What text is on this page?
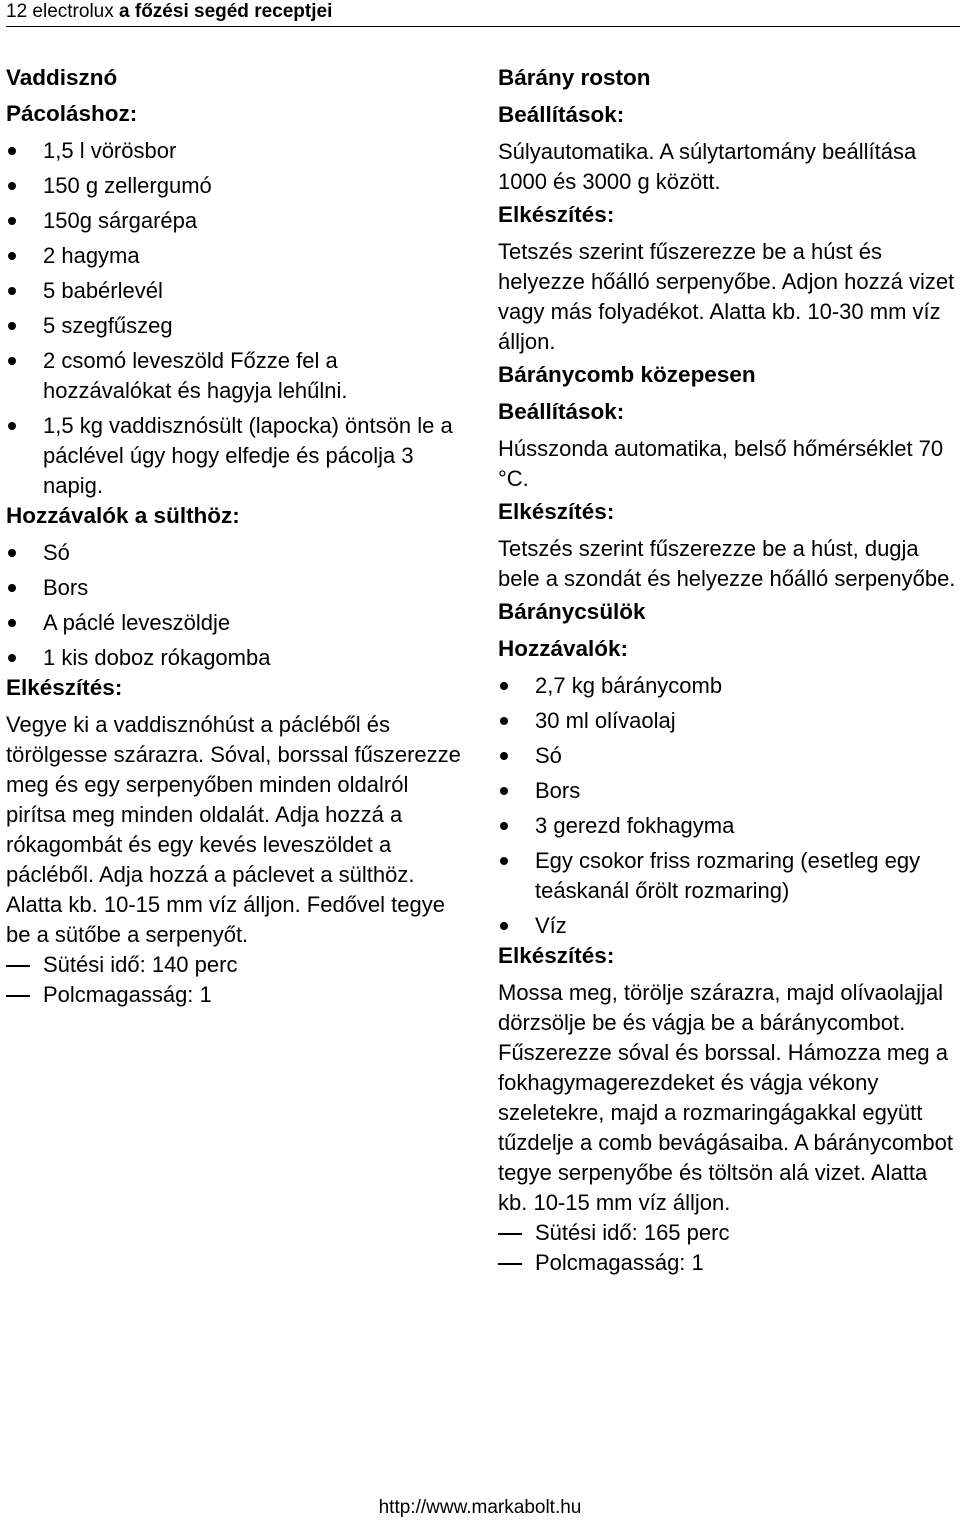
12 electrolux a főzési segéd receptjei
Vaddisznó
Pácoláshoz:
1,5 l vörösbor
150 g zellergumó
150g sárgarépa
2 hagyma
5 babérlevél
5 szegfűszeg
2 csomó leveszöld Főzze fel a hozzávalókat és hagyja lehűlni.
1,5 kg vaddisznósült (lapocka) öntsön le a páclével úgy hogy elfedje és pácolja 3 napig.
Hozzávalók a sülthöz:
Só
Bors
A páclé leveszöldje
1 kis doboz rókagomba
Elkészítés:
Vegye ki a vaddisznóhúst a pácléből és törölgesse szárazra. Sóval, borssal fűszerezze meg és egy serpenyőben minden oldalról pirítsa meg minden oldalát. Adja hozzá a rókagombát és egy kevés leveszöldet a pácléből. Adja hozzá a páclevet a sülthöz. Alatta kb. 10-15 mm víz álljon. Fedővel tegye be a sütőbe a serpenyőt.
Sütési idő: 140 perc
Polcmagasság: 1
Bárány roston
Beállítások:
Súlyautomatika. A súlytartomány beállítása 1000 és 3000 g között.
Elkészítés:
Tetszés szerint fűszerezze be a húst és helyezze hőálló serpenyőbe. Adjon hozzá vizet vagy más folyadékot. Alatta kb. 10-30 mm víz álljon.
Báránycomb közepesen
Beállítások:
Hússzonda automatika, belső hőmérséklet 70 °C.
Elkészítés:
Tetszés szerint fűszerezze be a húst, dugja bele a szondát és helyezze hőálló serpenyőbe.
Báránycsülök
Hozzávalók:
2,7 kg báránycomb
30 ml olívaolaj
Só
Bors
3 gerezd fokhagyma
Egy csokor friss rozmaring (esetleg egy teáskanál őrölt rozmaring)
Víz
Elkészítés:
Mossa meg, törölje szárazra, majd olívaolajjal dörzsölje be és vágja be a báránycombot. Fűszerezze sóval és borssal. Hámozza meg a fokhagymagerezdeket és vágja vékony szeletekre, majd a rozmaringágakkal együtt tűzdelje a comb bevágásaiba. A báránycombot tegye serpenyőbe és töltsön alá vizet. Alatta kb. 10-15 mm víz álljon.
Sütési idő: 165 perc
Polcmagasság: 1
http://www.markabolt.hu
